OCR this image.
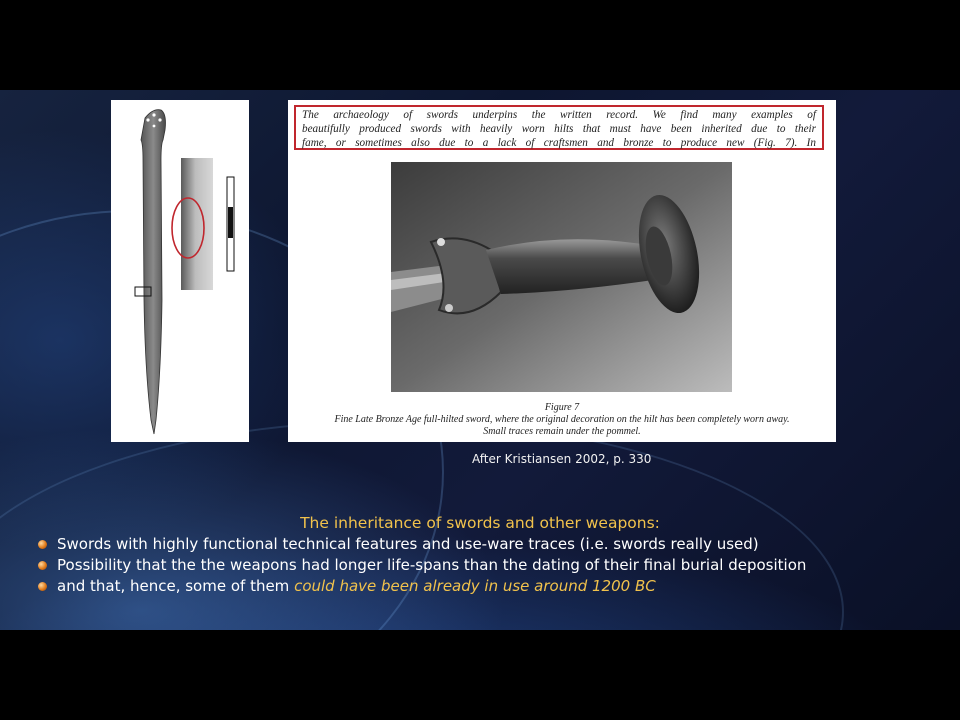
The archaeology of swords underpins the written record. We find many examples of
beautifully produced swords with heavily worn hilts that must have been inherited due to their
fame, or sometimes also due to a lack of craftsmen and bronze to produce new (Fig. 7). In
Figure 7
Fine Late Bronze Age full-hilted sword, where the original decoration on the hilt has been completely worn away.
Small traces remain under the pommel.
After Kristiansen 2002, p. 330
The inheritance of swords and other weapons:
Swords with highly functional technical features and use-ware traces (i.e. swords really used)
Possibility that the the weapons had longer life-spans than the dating of their final burial deposition
and that, hence, some of them could have been already in use around 1200 BC
